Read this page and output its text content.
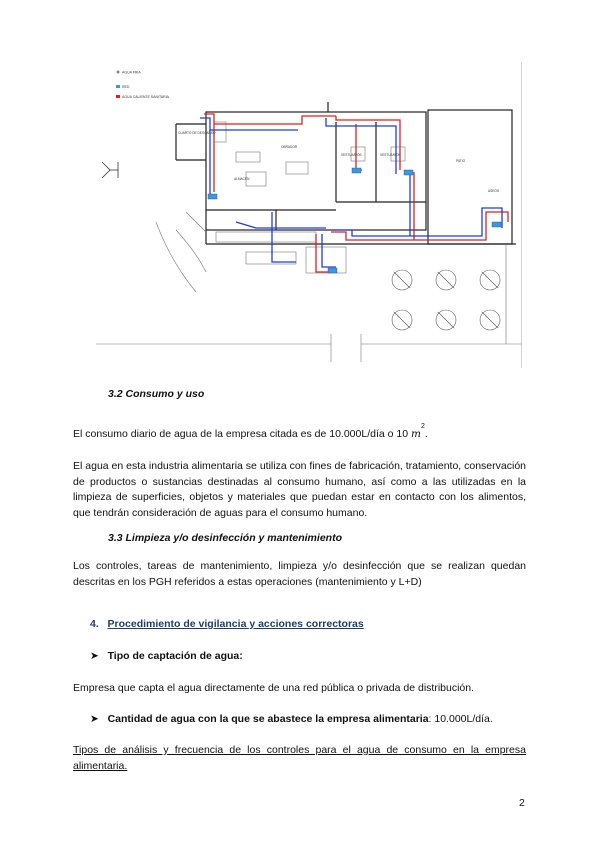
AGUA FRÍA
RED
AGUA CALIENTE SANITARIA
CUARTO DE DESCANSO
ALMACÉN
OBRADOR
VESTUARIOS	VESTUARIOS
ASEOS
PATIO
3.2 Consumo y uso
El consumo diario de agua de la empresa citada es de 10.000L/día o 10 $m^2$.
El agua en esta industria alimentaria se utiliza con fines de fabricación, tratamiento, conservación de productos o sustancias destinadas al consumo humano, así como a las utilizadas en la limpieza de superficies, objetos y materiales que puedan estar en contacto con los alimentos, que tendrán consideración de aguas para el consumo humano.
3.3 Limpieza y/o desinfección y mantenimiento
Los controles, tareas de mantenimiento, limpieza y/o desinfección que se realizan quedan descritas en los PGH referidos a estas operaciones (mantenimiento y L+D)
4. Procedimiento de vigilancia y acciones correctoras
➤ Tipo de captación de agua:
Empresa que capta el agua directamente de una red pública o privada de distribución.
➤ Cantidad de agua con la que se abastece la empresa alimentaria: 10.000L/día.
Tipos de análisis y frecuencia de los controles para el agua de consumo en la empresa alimentaria.
2
